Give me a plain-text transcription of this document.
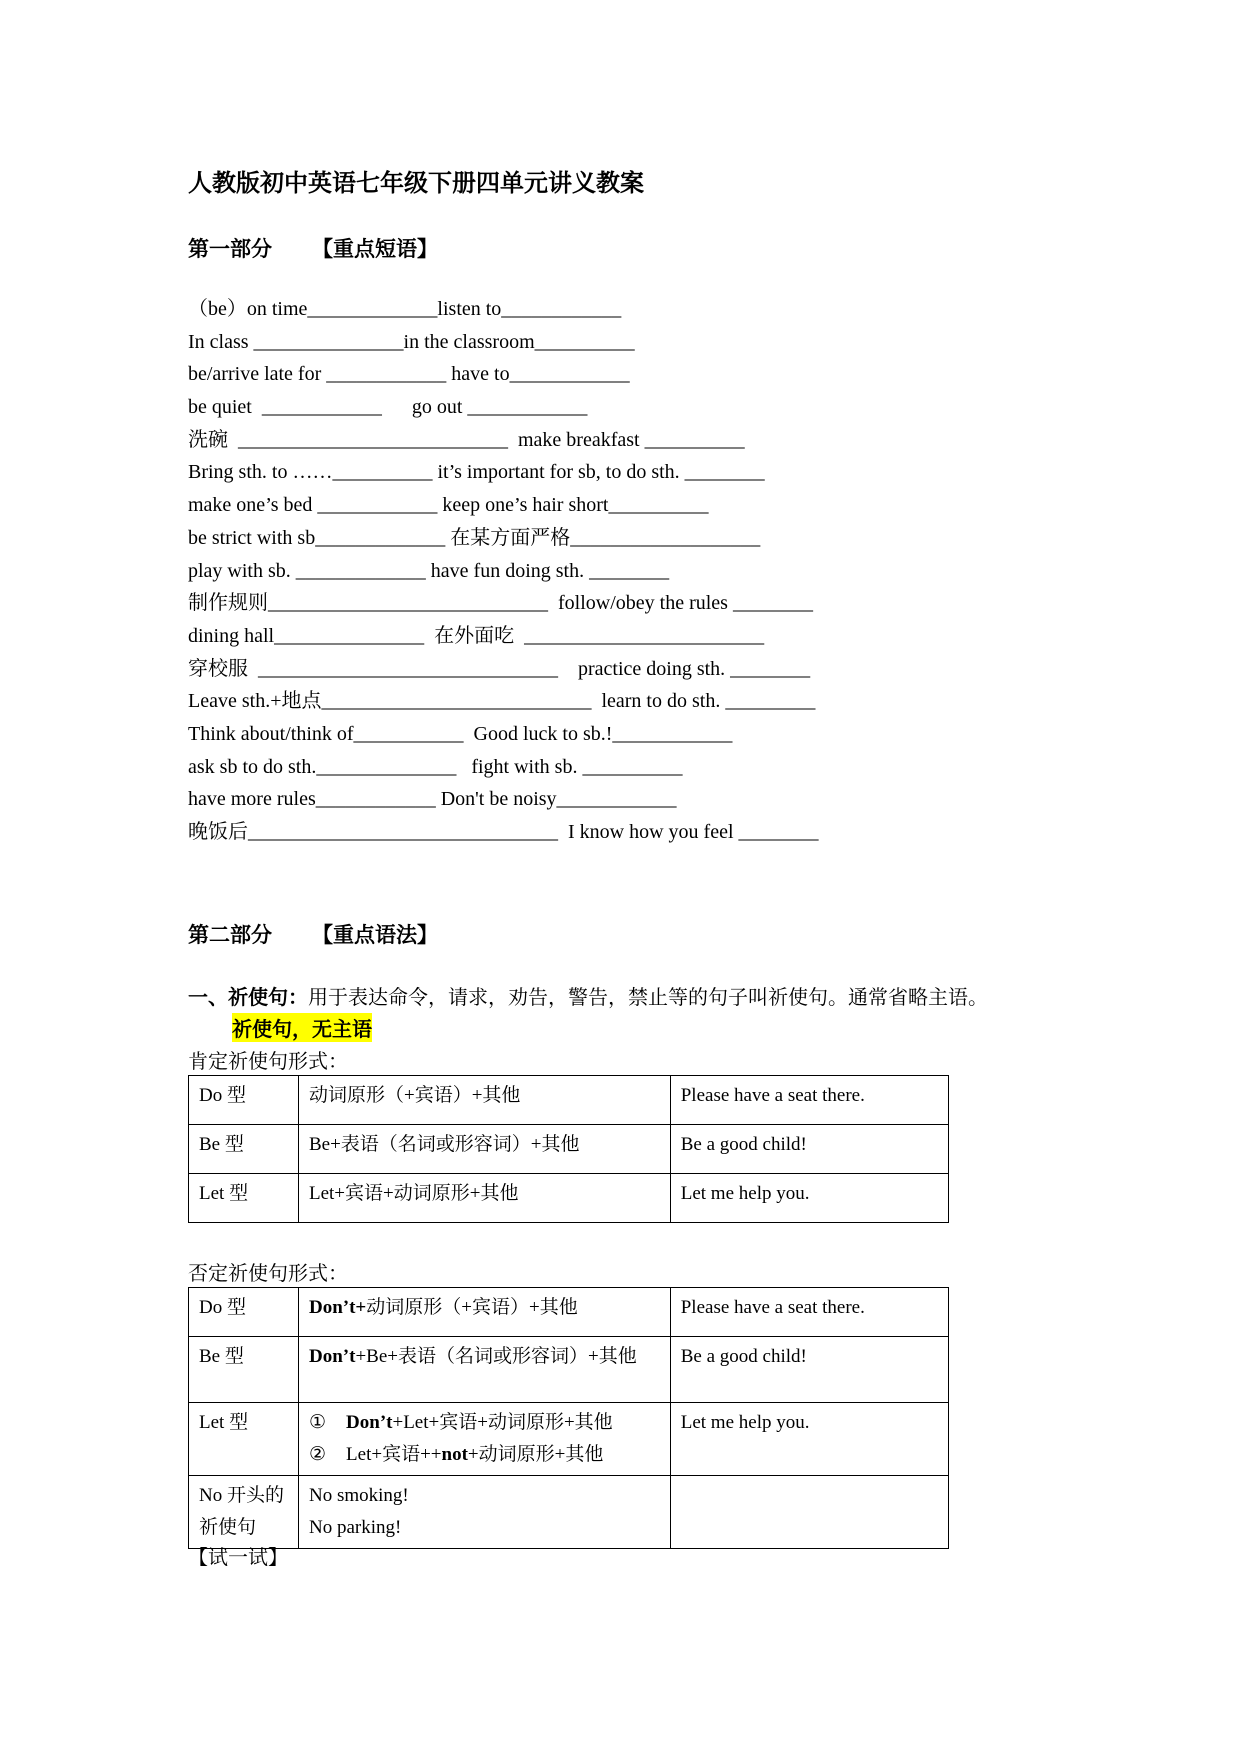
人教版初中英语七年级下册四单元讲义教案
第一部分 【重点短语】
（be）on time_____________listen to____________
In class _______________in the classroom__________
be/arrive late for ____________ have to____________
be quiet  ____________      go out ____________
洗碗  ___________________________  make breakfast __________
Bring sth. to ……__________ it’s important for sb, to do sth. ________
make one’s bed ____________ keep one’s hair short__________
be strict with sb_____________ 在某方面严格___________________
play with sb. _____________ have fun doing sth. ________
制作规则____________________________  follow/obey the rules ________
dining hall_______________  在外面吃  ________________________
穿校服  ______________________________    practice doing sth. ________
Leave sth.+地点___________________________  learn to do sth. _________
Think about/think of___________  Good luck to sb.!____________
ask sb to do sth.______________   fight with sb. __________
have more rules____________ Don't be noisy____________
晚饭后_______________________________  I know how you feel ________
第二部分 【重点语法】
一、祈使句：用于表达命令，请求，劝告，警告，禁止等的句子叫祈使句。通常省略主语。
祈使句，无主语
肯定祈使句形式：
Do 型	动词原形（+宾语）+其他	Please have a seat there.
Be 型	Be+表语（名词或形容词）+其他	Be a good child!
Let 型	Let+宾语+动词原形+其他	Let me help you.
否定祈使句形式：
Do 型	Don’t+动词原形（+宾语）+其他	Please have a seat there.
Be 型	Don’t+Be+表语（名词或形容词）+其他	Be a good child!
Let 型	① Don’t+Let+宾语+动词原形+其他
② Let+宾语++not+动词原形+其他	Let me help you.
No 开头的祈使句	No smoking!
No parking!	

【试一试】
